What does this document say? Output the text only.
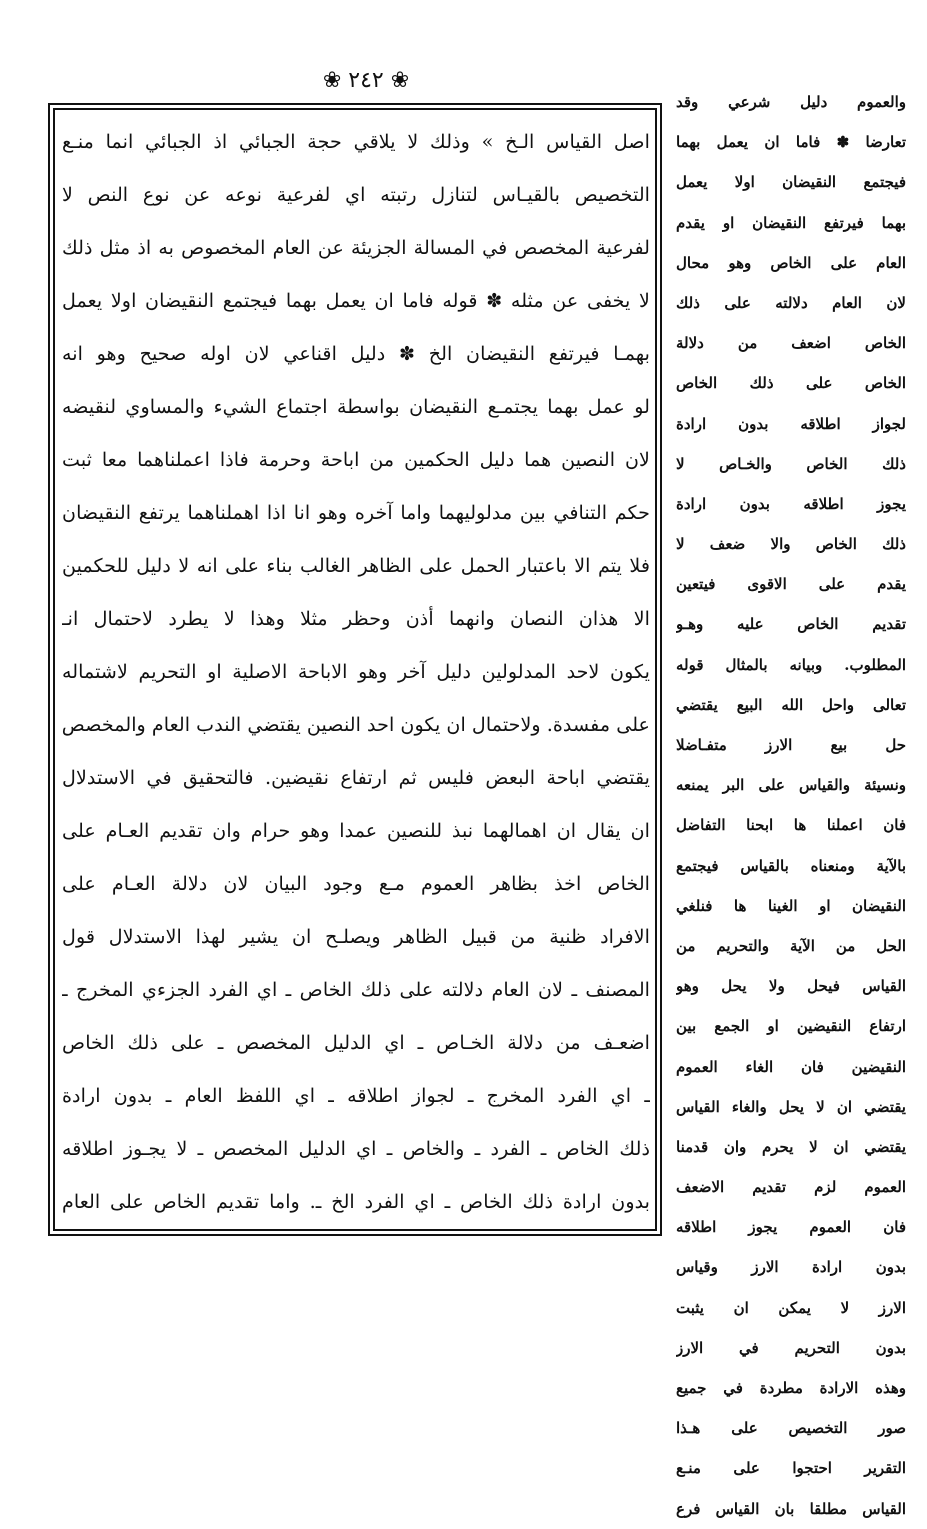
❀ ٢٤٢ ❀
اصل القياس الـخ » وذلك لا يلاقي حجة الجبائي اذ الجبائي انما منـع
التخصيص بالقيـاس لتنازل رتبته اي لفرعية نوعه عن نوع النص لا
لفرعية المخصص في المسالة الجزيئة عن العام المخصوص به اذ مثل ذلك
لا يخفى عن مثله ✽ قوله فاما ان يعمل بهما فيجتمع النقيضان اولا يعمل
بهمـا فيرتفع النقيضان الخ ✽ دليل اقناعي لان اوله صحيح وهو انه
لو عمل بهما يجتمـع النقيضان بواسطة اجتماع الشيء والمساوي لنقيضه
لان النصين هما دليل الحكمين من اباحة وحرمة فاذا اعملناهما معا ثبت
حكم التنافي بين مدلوليهما واما آخره وهو انا اذا اهملناهما يرتفع النقيضان
فلا يتم الا باعتبار الحمل على الظاهر الغالب بناء على انه لا دليل للحكمين
الا هذان النصان وانهما أذن وحظر مثلا وهذا لا يطرد لاحتمال انـ
يكون لاحد المدلولين دليل آخر وهو الاباحة الاصلية او التحريم لاشتماله
على مفسدة. ولاحتمال ان يكون احد النصين يقتضي الندب العام والمخصص
يقتضي اباحة البعض فليس ثم ارتفاع نقيضين. فالتحقيق في الاستدلال
ان يقال ان اهمالهما نبذ للنصين عمدا وهو حرام وان تقديم العـام على
الخاص اخذ بظاهر العموم مـع وجود البيان لان دلالة العـام على
الافراد ظنية من قبيل الظاهر ويصلـح ان يشير لهذا الاستدلال قول
المصنف ـ لان العام دلالته على ذلك الخاص ـ اي الفرد الجزءي المخرج ـ
اضعـف من دلالة الخـاص ـ اي الدليل المخصص ـ على ذلك الخاص
ـ اي الفرد المخرج ـ لجواز اطلاقه ـ اي اللفظ العام ـ بدون ارادة
ذلك الخاص ـ الفرد ـ والخاص ـ اي الدليل المخصص ـ لا يجـوز اطلاقه
بدون ارادة ذلك الخاص ـ اي الفرد الخ ـ. واما تقديم الخاص على العام
والعموم دليل شرعي وقد
تعارضا ✽ فاما ان يعمل بهما
فيجتمع النقيضان اولا يعمل
بهما فيرتفع النقيضان او يقدم
العام على الخاص وهو محال
لان العام دلالته على ذلك
الخاص اضعف من دلالة
الخاص على ذلك الخاص
لجواز اطلاقه بدون ارادة
ذلك الخاص والخـاص لا
يجوز اطلاقه بدون ارادة
ذلك الخاص والا ضعف لا
يقدم على الاقوى فيتعين
تقديم الخاص عليه وهـو
المطلوب. وبيانه بالمثال قوله
تعالى واحل الله البيع يقتضي
حل بيع الارز متفـاضلا
ونسيئة والقياس على البر يمنعه
فان اعملنا ها ابحنا التفاضل
بالآية ومنعناه بالقياس فيجتمع
النقيضان او الغينا ها فنلغي
الحل من الآية والتحريم من
القياس فيحل ولا يحل وهو
ارتفاع النقيضين او الجمع بين
النقيضين فان الغاء العموم
يقتضي ان لا يحل والغاء القياس
يقتضي ان لا يحرم وان قدمنا
العموم لزم تقديم الاضعف
فان العموم يجوز اطلاقه
بدون ارادة الارز وقياس
الارز لا يمكن ان يثبت
بدون التحريم في الارز
وهذه الارادة مطردة في جميع
صور التخصيص على هـذا
التقرير احتجوا على منـع
القياس مطلقا بان القياس فرع
